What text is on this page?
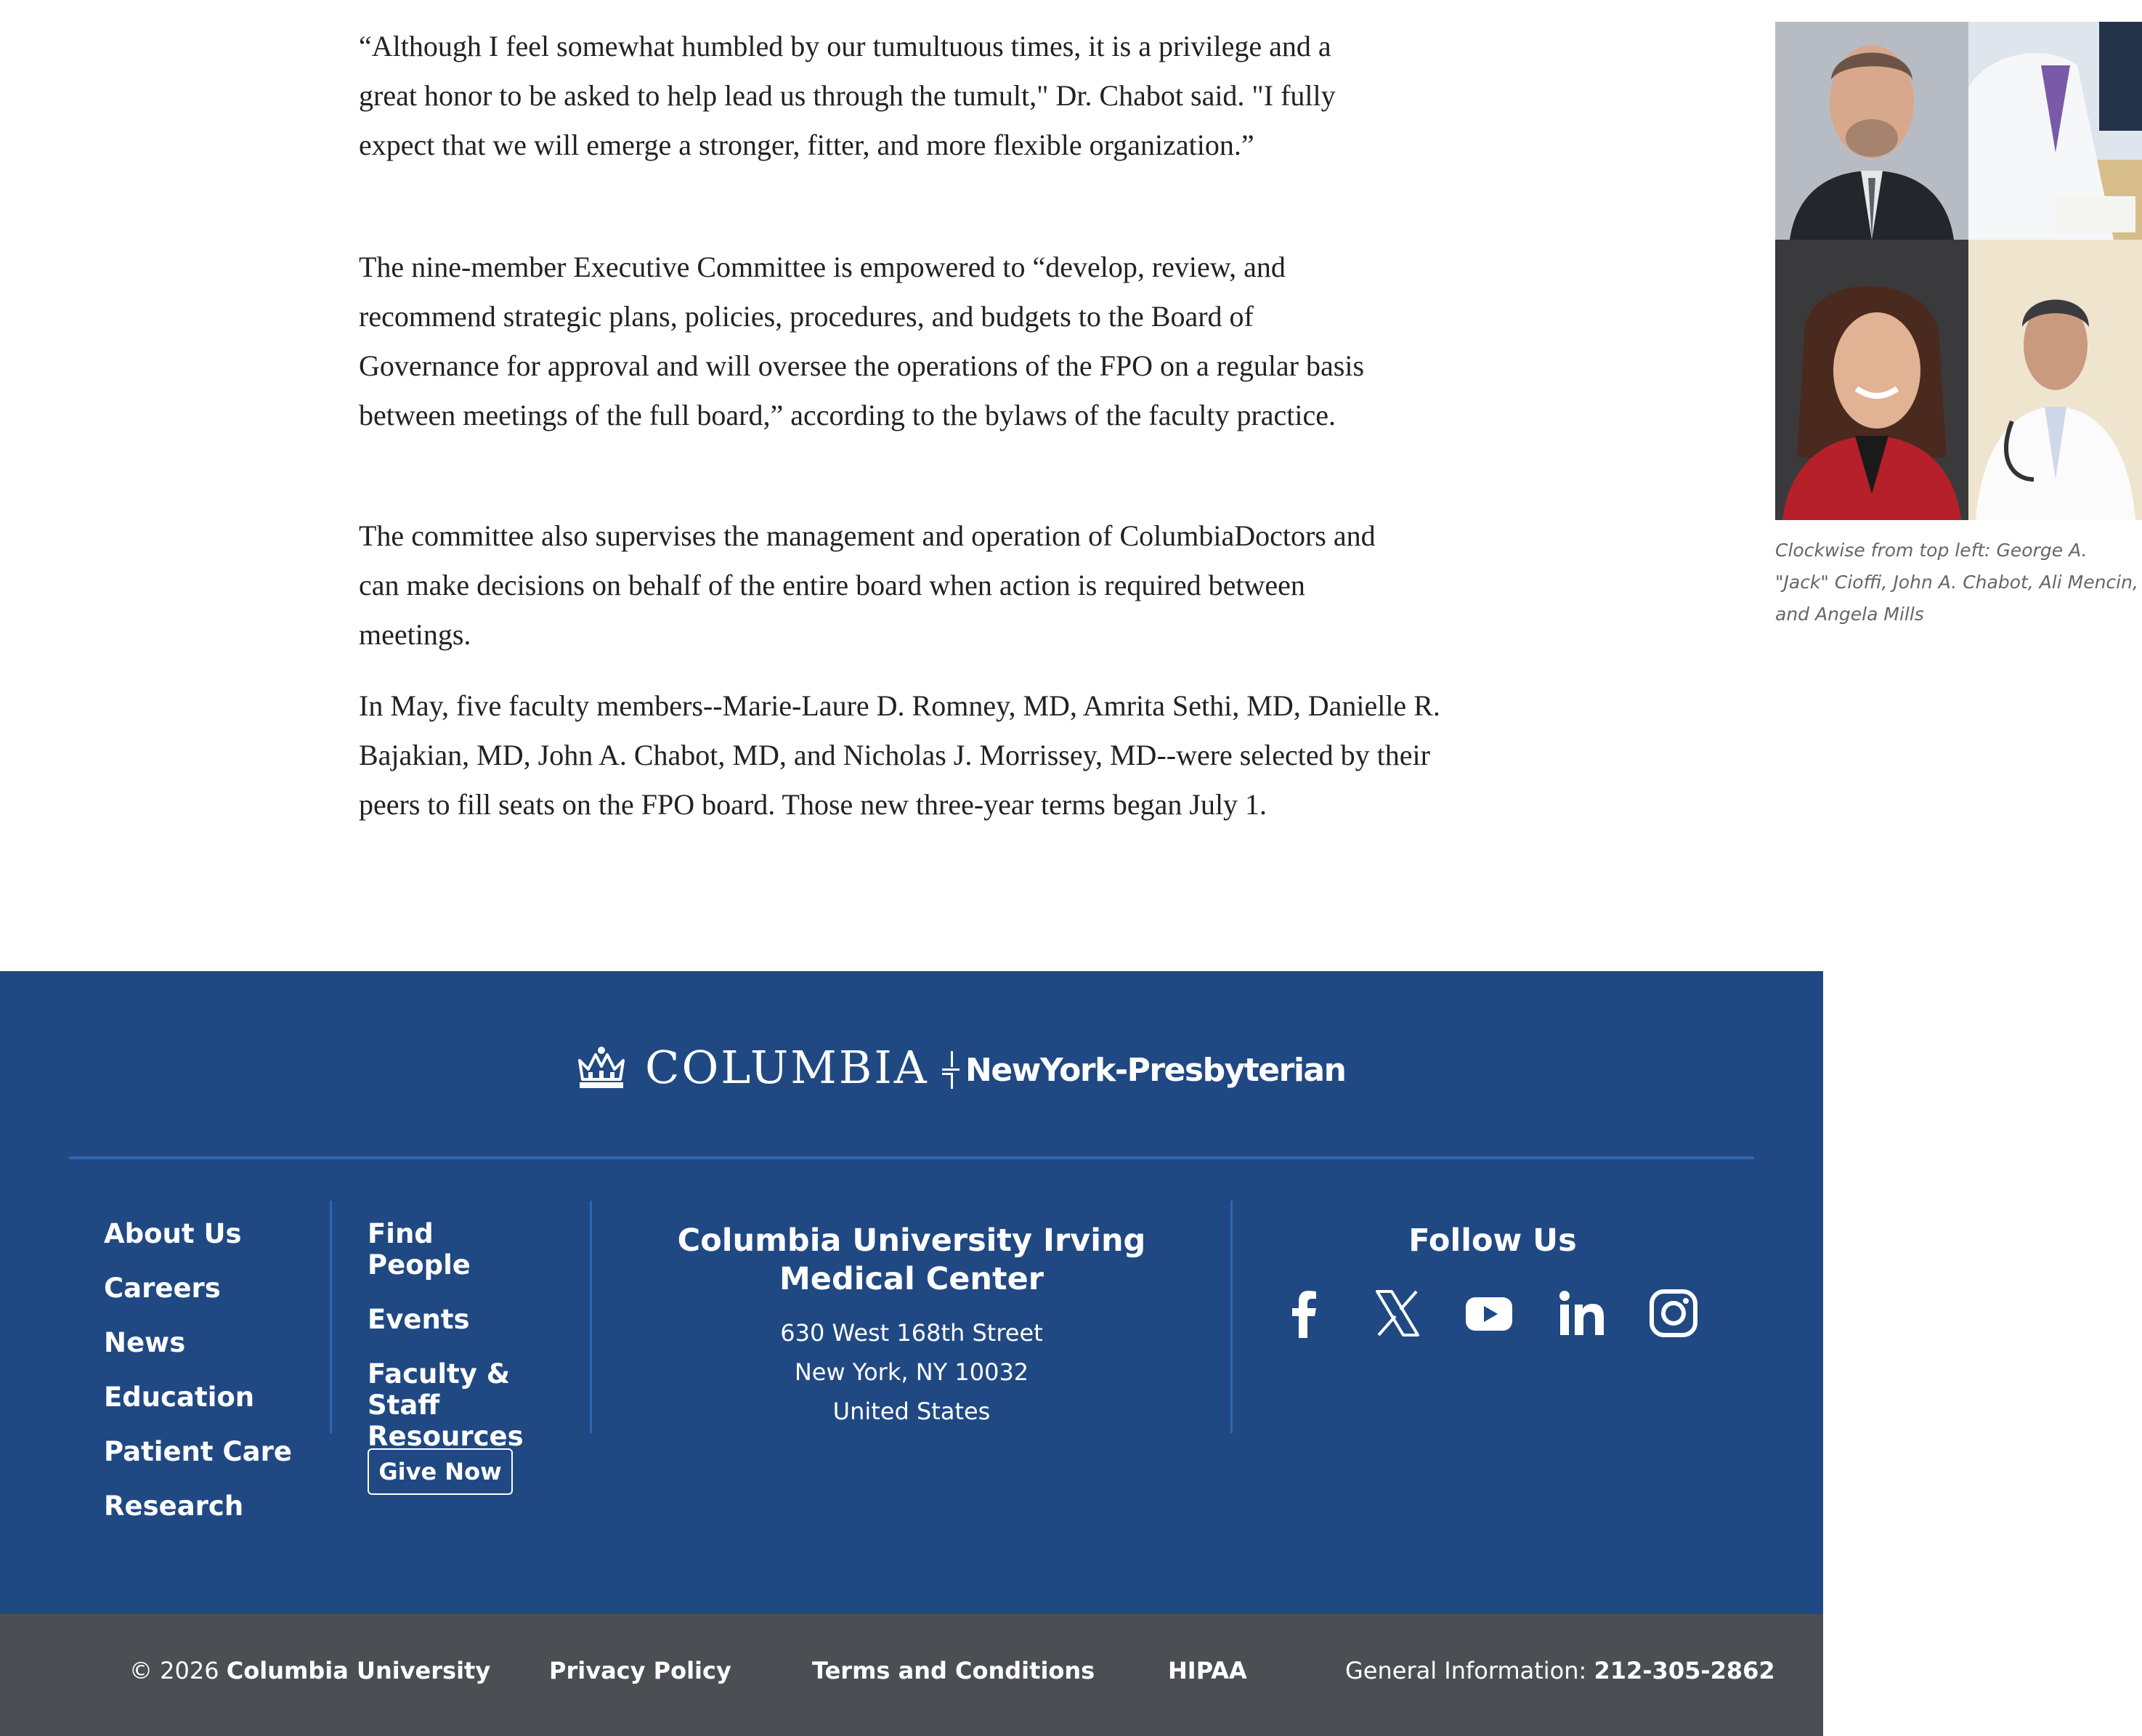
“Although I feel somewhat humbled by our tumultuous times, it is a privilege and a great honor to be asked to help lead us through the tumult," Dr. Chabot said. "I fully expect that we will emerge a stronger, fitter, and more flexible organization.”

The nine-member Executive Committee is empowered to “develop, review, and recommend strategic plans, policies, procedures, and budgets to the Board of Governance for approval and will oversee the operations of the FPO on a regular basis between meetings of the full board,” according to the bylaws of the faculty practice.

The committee also supervises the management and operation of ColumbiaDoctors and can make decisions on behalf of the entire board when action is required between meetings.

In May, five faculty members--Marie-Laure D. Romney, MD, Amrita Sethi, MD, Danielle R. Bajakian, MD, John A. Chabot, MD, and Nicholas J. Morrissey, MD--were selected by their peers to fill seats on the FPO board. Those new three-year terms began July 1.

Clockwise from top left: George A. "Jack" Cioffi, John A. Chabot, Ali Mencin, and Angela Mills
COLUMBIA NewYork-Presbyterian
About Us
Careers
News
Education
Patient Care
Research
Find People
Events
Faculty & Staff Resources
Give Now
Columbia University Irving Medical Center
630 West 168th Street
New York, NY 10032
United States
Follow Us
© 2026 Columbia University	Privacy Policy	Terms and Conditions	HIPAA	General Information: 212-305-2862
